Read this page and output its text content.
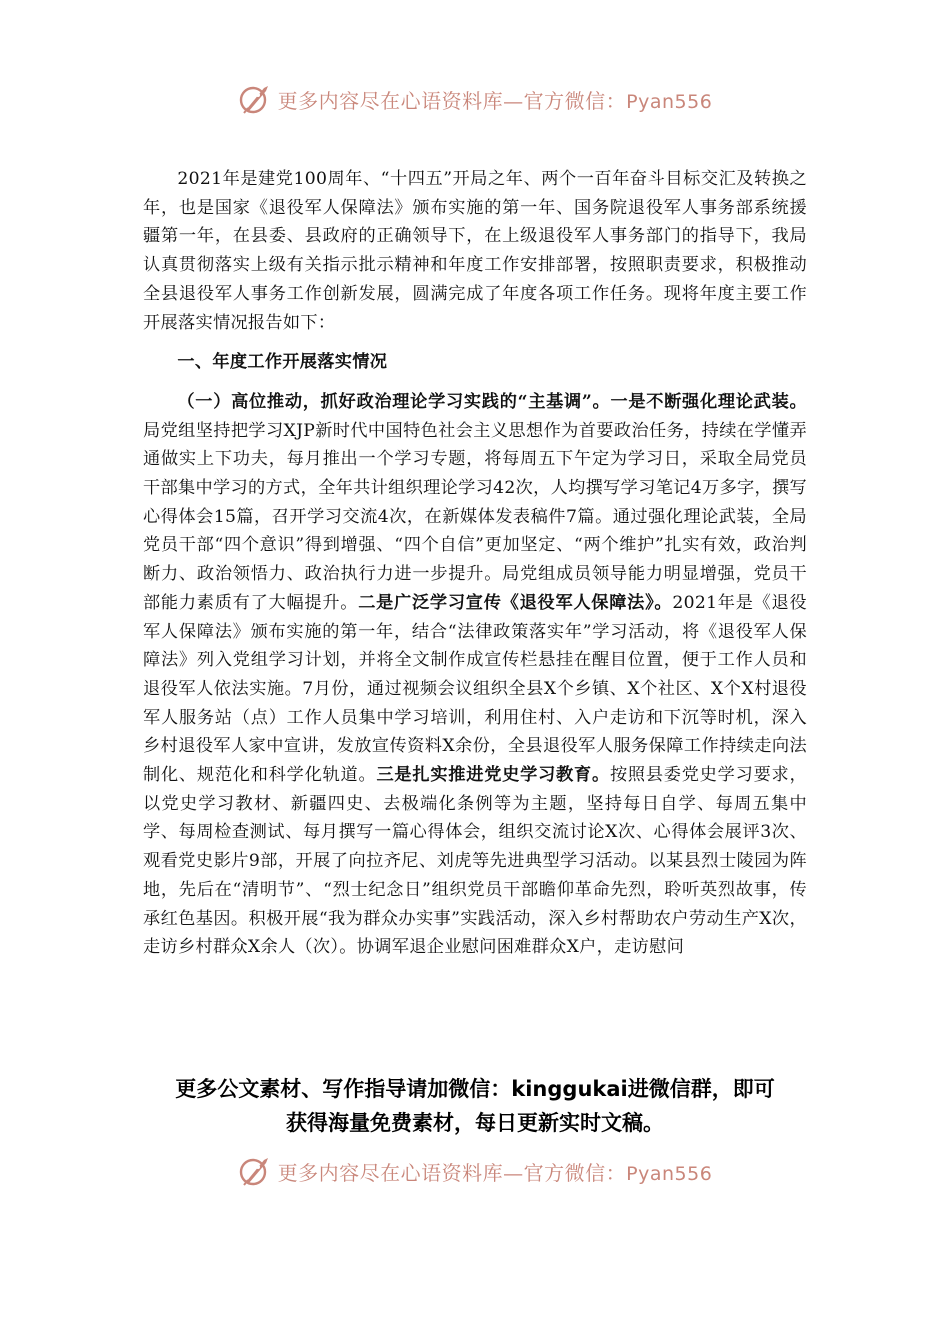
更多内容尽在心语资料库—官方微信：Pyan556

2021年是建党100周年、“十四五”开局之年、两个一百年奋斗目标交汇及转换之年，也是国家《退役军人保障法》颁布实施的第一年、国务院退役军人事务部系统援疆第一年，在县委、县政府的正确领导下，在上级退役军人事务部门的指导下，我局认真贯彻落实上级有关指示批示精神和年度工作安排部署，按照职责要求，积极推动全县退役军人事务工作创新发展，圆满完成了年度各项工作任务。现将年度主要工作开展落实情况报告如下：

一、年度工作开展落实情况

（一）高位推动，抓好政治理论学习实践的“主基调”。一是不断强化理论武装。局党组坚持把学习XJP新时代中国特色社会主义思想作为首要政治任务，持续在学懂弄通做实上下功夫，每月推出一个学习专题，将每周五下午定为学习日，采取全局党员干部集中学习的方式，全年共计组织理论学习42次，人均撰写学习笔记4万多字，撰写心得体会15篇，召开学习交流4次，在新媒体发表稿件7篇。通过强化理论武装，全局党员干部“四个意识”得到增强、“四个自信”更加坚定、“两个维护”扎实有效，政治判断力、政治领悟力、政治执行力进一步提升。局党组成员领导能力明显增强，党员干部能力素质有了大幅提升。二是广泛学习宣传《退役军人保障法》。2021年是《退役军人保障法》颁布实施的第一年，结合“法律政策落实年”学习活动，将《退役军人保障法》列入党组学习计划，并将全文制作成宣传栏悬挂在醒目位置，便于工作人员和退役军人依法实施。7月份，通过视频会议组织全县X个乡镇、X个社区、X个X村退役军人服务站（点）工作人员集中学习培训，利用住村、入户走访和下沉等时机，深入乡村退役军人家中宣讲，发放宣传资料X余份，全县退役军人服务保障工作持续走向法制化、规范化和科学化轨道。三是扎实推进党史学习教育。按照县委党史学习要求，以党史学习教材、新疆四史、去极端化条例等为主题，坚持每日自学、每周五集中学、每周检查测试、每月撰写一篇心得体会，组织交流讨论X次、心得体会展评3次、观看党史影片9部，开展了向拉齐尼、刘虎等先进典型学习活动。以某县烈士陵园为阵地，先后在“清明节”、“烈士纪念日”组织党员干部瞻仰革命先烈，聆听英烈故事，传承红色基因。积极开展“我为群众办实事”实践活动，深入乡村帮助农户劳动生产X次，走访乡村群众X余人（次）。协调军退企业慰问困难群众X户，走访慰问

更多公文素材、写作指导请加微信：kinggukai进微信群，即可
获得海量免费素材，每日更新实时文稿。
更多内容尽在心语资料库—官方微信：Pyan556
